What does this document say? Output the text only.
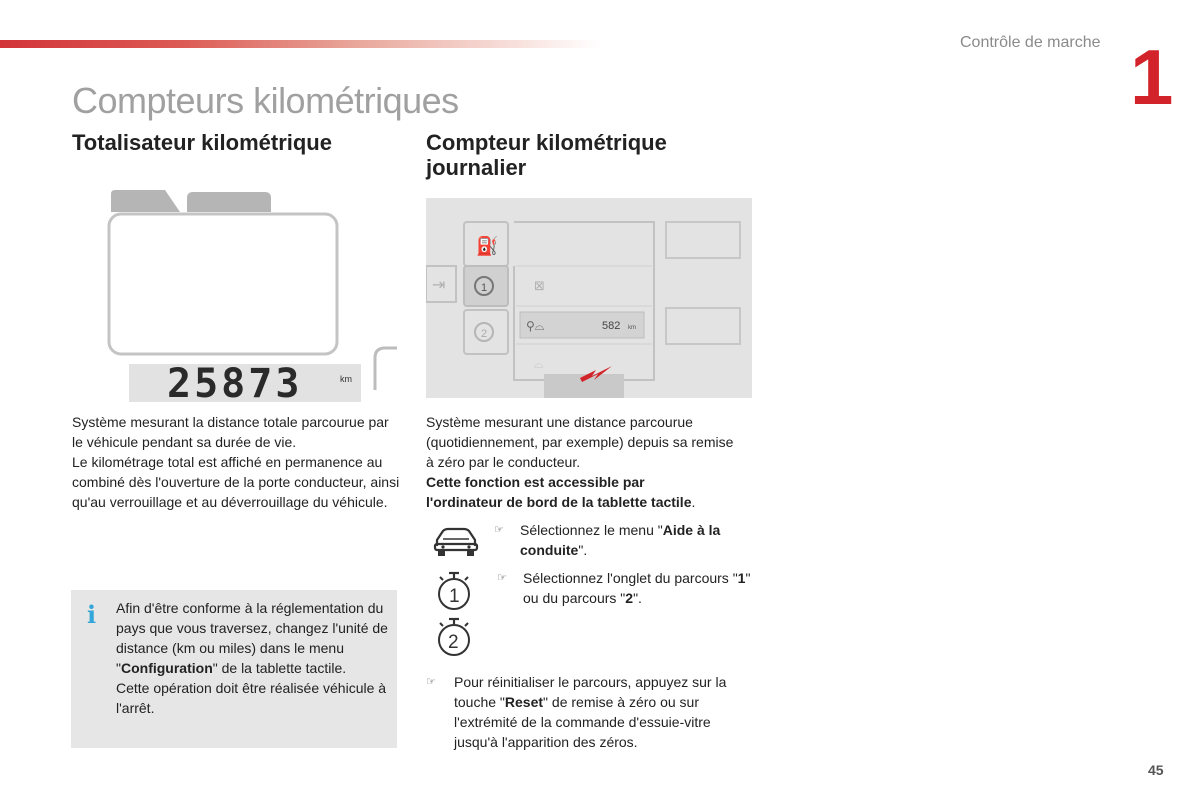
Contrôle de marche 1
Compteurs kilométriques
Totalisateur kilométrique
25873	km
Système mesurant la distance totale parcourue par le véhicule pendant sa durée de vie.
Le kilométrage total est affiché en permanence au combiné dès l'ouverture de la porte conducteur, ainsi qu'au verrouillage et au déverrouillage du véhicule.
i Afin d'être conforme à la réglementation du pays que vous traversez, changez l'unité de distance (km ou miles) dans le menu "Configuration" de la tablette tactile.
Cette opération doit être réalisée véhicule à l'arrêt.
Compteur kilométrique
journalier
⛽
⇥	1
2
⊠
⚲⌓	582 km
⌓
Système mesurant une distance parcourue (quotidiennement, par exemple) depuis sa remise à zéro par le conducteur.
Cette fonction est accessible par
l'ordinateur de bord de la tablette tactile.
1
2
☞ Sélectionnez le menu "Aide à la conduite".
☞ Sélectionnez l'onglet du parcours "1" ou du parcours "2".
☞ Pour réinitialiser le parcours, appuyez sur la touche "Reset" de remise à zéro ou sur l'extrémité de la commande d'essuie-vitre jusqu'à l'apparition des zéros.
45
